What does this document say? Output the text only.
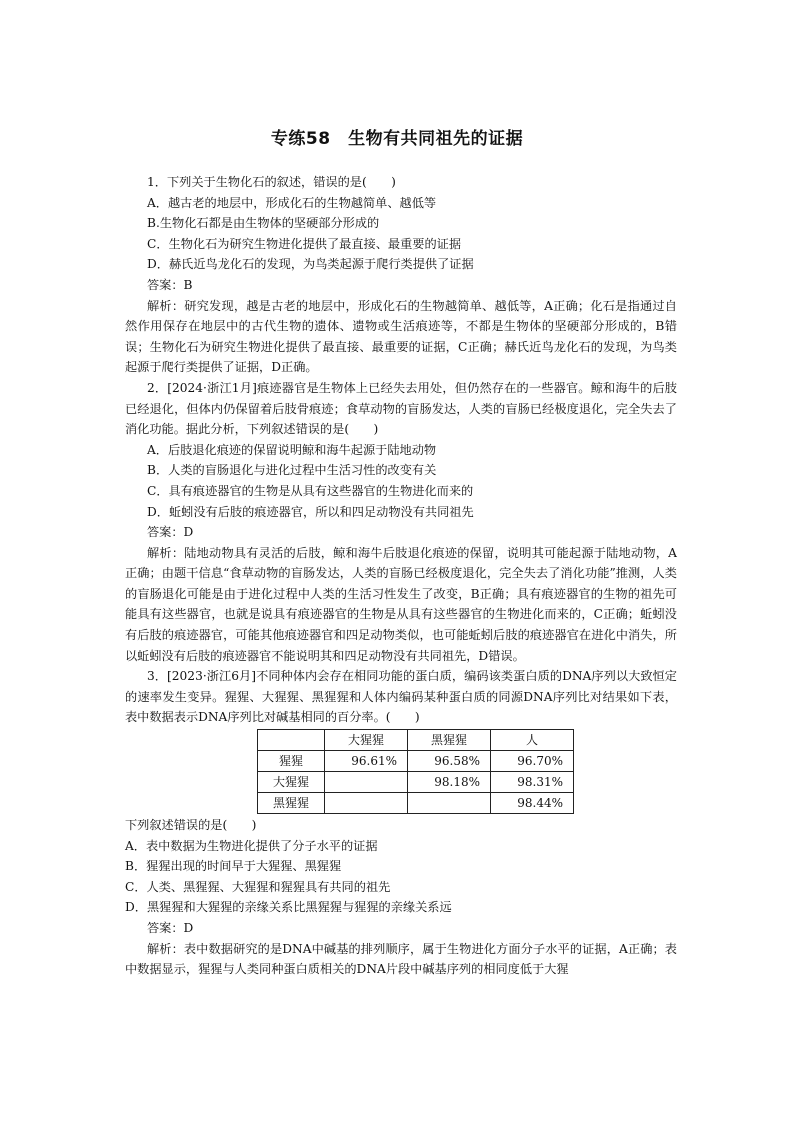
专练58　生物有共同祖先的证据

1．下列关于生物化石的叙述，错误的是(　　)

A．越古老的地层中，形成化石的生物越简单、越低等

B.生物化石都是由生物体的坚硬部分形成的

C．生物化石为研究生物进化提供了最直接、最重要的证据

D．赫氏近鸟龙化石的发现，为鸟类起源于爬行类提供了证据

答案：B

解析：研究发现，越是古老的地层中，形成化石的生物越简单、越低等，A正确；化石是指通过自然作用保存在地层中的古代生物的遗体、遗物或生活痕迹等，不都是生物体的坚硬部分形成的，B错误；生物化石为研究生物进化提供了最直接、最重要的证据，C正确；赫氏近鸟龙化石的发现，为鸟类起源于爬行类提供了证据，D正确。

2．[2024·浙江1月]痕迹器官是生物体上已经失去用处，但仍然存在的一些器官。鲸和海牛的后肢已经退化，但体内仍保留着后肢骨痕迹；食草动物的盲肠发达，人类的盲肠已经极度退化，完全失去了消化功能。据此分析，下列叙述错误的是(　　)

A．后肢退化痕迹的保留说明鲸和海牛起源于陆地动物

B．人类的盲肠退化与进化过程中生活习性的改变有关

C．具有痕迹器官的生物是从具有这些器官的生物进化而来的

D．蚯蚓没有后肢的痕迹器官，所以和四足动物没有共同祖先

答案：D

解析：陆地动物具有灵活的后肢，鲸和海牛后肢退化痕迹的保留，说明其可能起源于陆地动物，A正确；由题干信息“食草动物的盲肠发达，人类的盲肠已经极度退化，完全失去了消化功能”推测，人类的盲肠退化可能是由于进化过程中人类的生活习性发生了改变，B正确；具有痕迹器官的生物的祖先可能具有这些器官，也就是说具有痕迹器官的生物是从具有这些器官的生物进化而来的，C正确；蚯蚓没有后肢的痕迹器官，可能其他痕迹器官和四足动物类似，也可能蚯蚓后肢的痕迹器官在进化中消失，所以蚯蚓没有后肢的痕迹器官不能说明其和四足动物没有共同祖先，D错误。

3．[2023·浙江6月]不同种体内会存在相同功能的蛋白质，编码该类蛋白质的DNA序列以大致恒定的速率发生变异。猩猩、大猩猩、黑猩猩和人体内编码某种蛋白质的同源DNA序列比对结果如下表，表中数据表示DNA序列比对碱基相同的百分率。(　　)

	大猩猩	黑猩猩	人
猩猩	96.61%	96.58%	96.70%
大猩猩		98.18%	98.31%
黑猩猩			98.44%

下列叙述错误的是(　　)

A．表中数据为生物进化提供了分子水平的证据

B．猩猩出现的时间早于大猩猩、黑猩猩

C．人类、黑猩猩、大猩猩和猩猩具有共同的祖先

D．黑猩猩和大猩猩的亲缘关系比黑猩猩与猩猩的亲缘关系远

答案：D

解析：表中数据研究的是DNA中碱基的排列顺序，属于生物进化方面分子水平的证据，A正确；表中数据显示，猩猩与人类同种蛋白质相关的DNA片段中碱基序列的相同度低于大猩
